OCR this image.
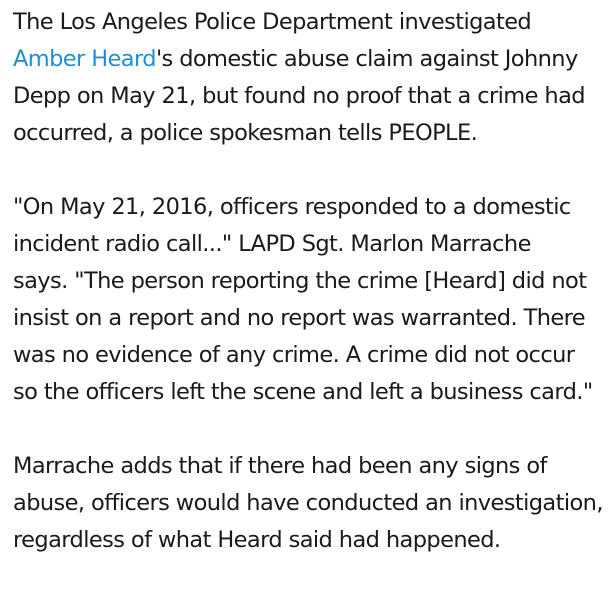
The Los Angeles Police Department investigated
Amber Heard's domestic abuse claim against Johnny
Depp on May 21, but found no proof that a crime had
occurred, a police spokesman tells PEOPLE.
"On May 21, 2016, officers responded to a domestic
incident radio call..." LAPD Sgt. Marlon Marrache
says. "The person reporting the crime [Heard] did not
insist on a report and no report was warranted. There
was no evidence of any crime. A crime did not occur
so the officers left the scene and left a business card."
Marrache adds that if there had been any signs of
abuse, officers would have conducted an investigation,
regardless of what Heard said had happened.
